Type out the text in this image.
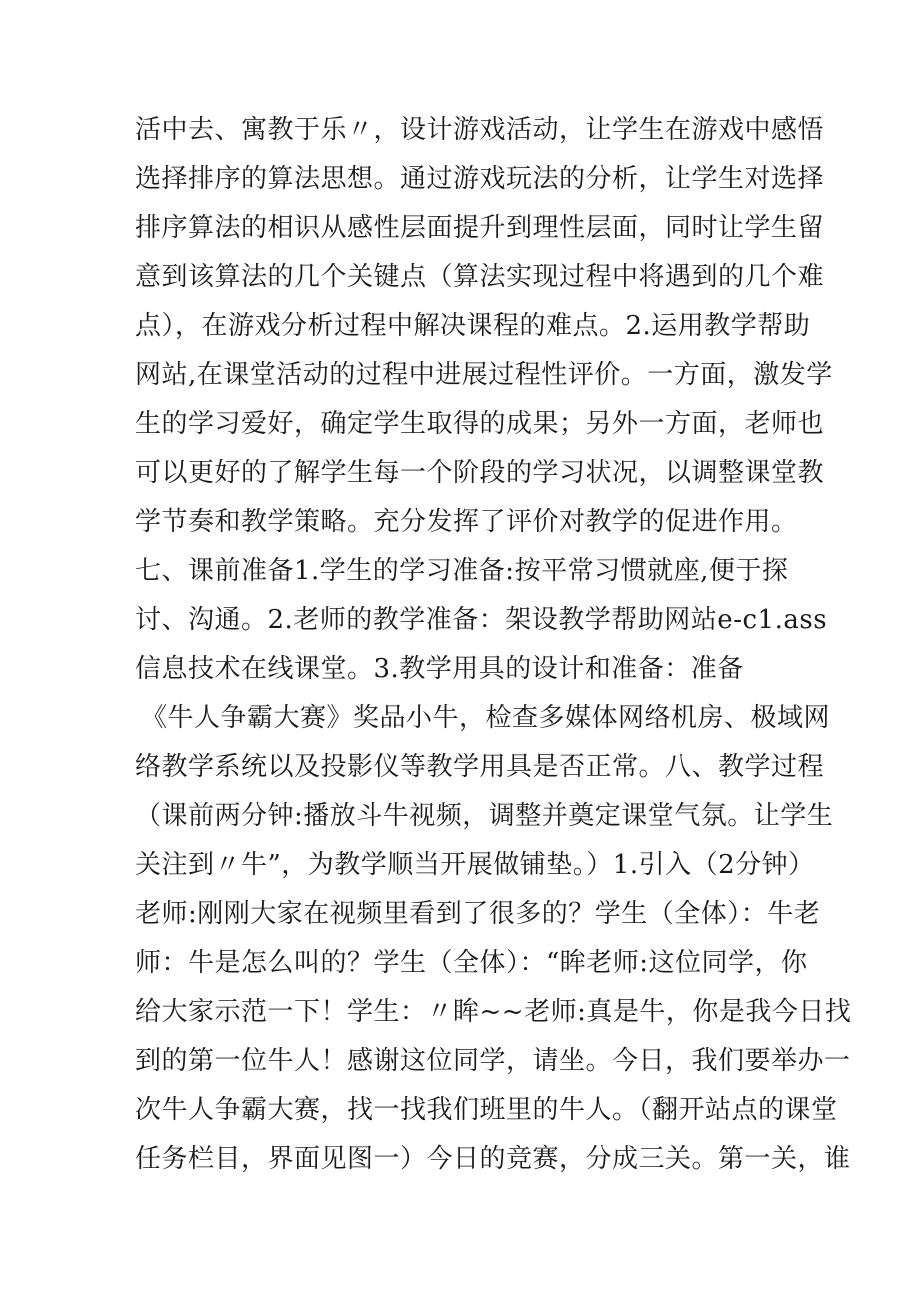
活中去、寓教于乐〃，设计游戏活动，让学生在游戏中感悟
选择排序的算法思想。通过游戏玩法的分析，让学生对选择
排序算法的相识从感性层面提升到理性层面，同时让学生留
意到该算法的几个关键点（算法实现过程中将遇到的几个难
点），在游戏分析过程中解决课程的难点。2.运用教学帮助
网站,在课堂活动的过程中进展过程性评价。一方面，激发学
生的学习爱好，确定学生取得的成果；另外一方面，老师也
可以更好的了解学生每一个阶段的学习状况，以调整课堂教
学节奏和教学策略。充分发挥了评价对教学的促进作用。
七、课前准备1.学生的学习准备:按平常习惯就座,便于探
讨、沟通。2.老师的教学准备：架设教学帮助网站e-c1.ass
信息技术在线课堂。3.教学用具的设计和准备：准备
《牛人争霸大赛》奖品小牛，检查多媒体网络机房、极域网
络教学系统以及投影仪等教学用具是否正常。八、教学过程
（课前两分钟:播放斗牛视频，调整并奠定课堂气氛。让学生
关注到〃牛”，为教学顺当开展做铺垫。）1.引入（2分钟）
老师:刚刚大家在视频里看到了很多的？学生（全体）：牛老
师：牛是怎么叫的？学生（全体）：“眸老师:这位同学，你
给大家示范一下！学生：〃眸~~老师:真是牛，你是我今日找
到的第一位牛人！感谢这位同学，请坐。今日，我们要举办一
次牛人争霸大赛，找一找我们班里的牛人。（翻开站点的课堂
任务栏目，界面见图一）今日的竞赛，分成三关。第一关，谁
